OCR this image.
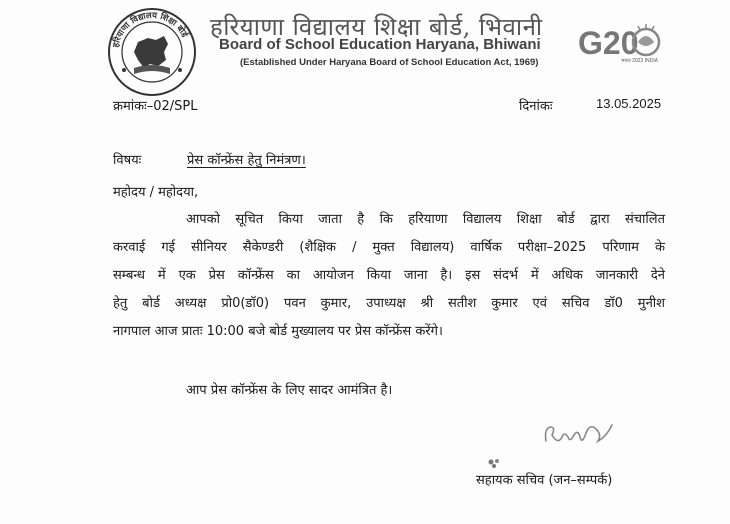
हरियाणा विद्यालय शिक्षा बोर्ड हरियाणा विद्यालय शिक्षा बोर्ड, भिवानी
Board of School Education Haryana, Bhiwani
(Established Under Haryana Board of School Education Act, 1969)
G20
भारत 2023 INDIA
क्रमांकः–02/SPL	दिनांकः	13.05.2025
विषयः	प्रेस कॉन्फ्रेंस हेतु निमंत्रण।
महोदय / महोदया,
आपको सूचित किया जाता है कि हरियाणा विद्यालय शिक्षा बोर्ड द्वारा संचालित
करवाई गई सीनियर सैकेण्डरी (शैक्षिक / मुक्त विद्यालय) वार्षिक परीक्षा–2025 परिणाम के
सम्बन्ध में एक प्रेस कॉन्फ्रेंस का आयोजन किया जाना है। इस संदर्भ में अधिक जानकारी देने
हेतु बोर्ड अध्यक्ष प्रो0(डॉ0) पवन कुमार, उपाध्यक्ष श्री सतीश कुमार एवं सचिव डॉ0 मुनीश
नागपाल आज प्रातः 10:00 बजे बोर्ड मुख्यालय पर प्रेस कॉन्फ्रेंस करेंगे।
आप प्रेस कॉन्फ्रेंस के लिए सादर आमंत्रित है।
सहायक सचिव (जन–सम्पर्क)
